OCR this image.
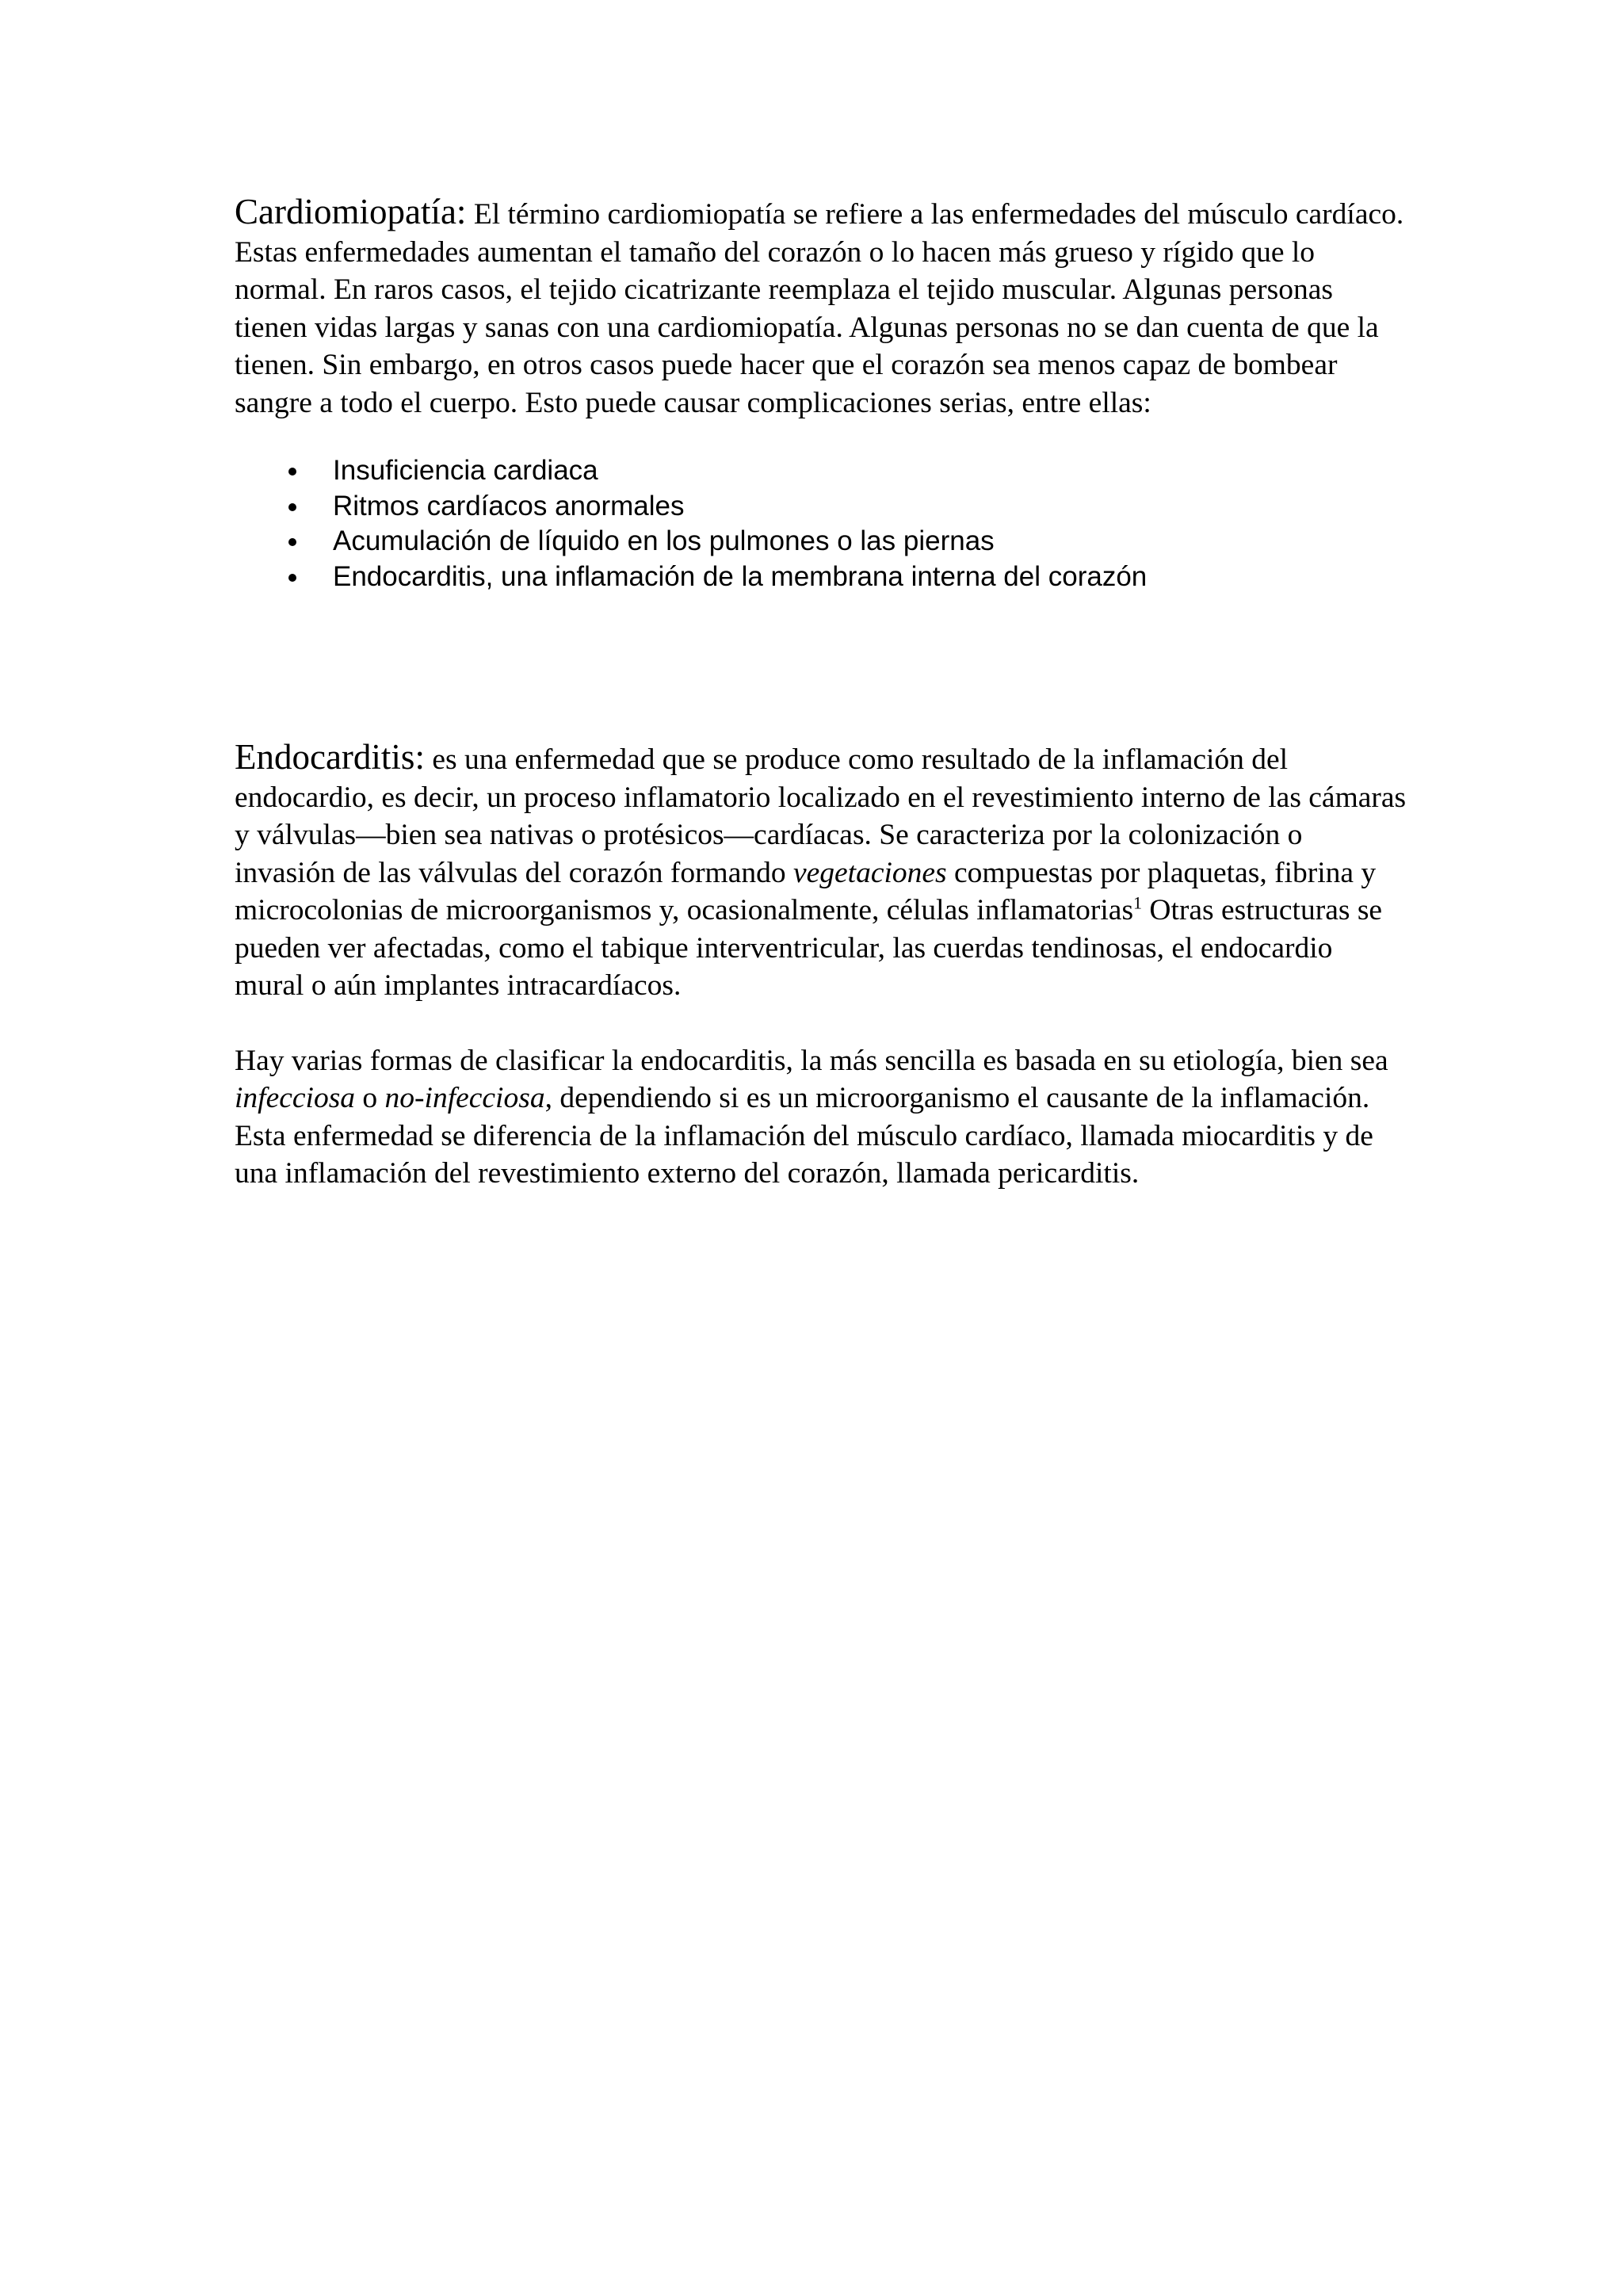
Cardiomiopatía: El término cardiomiopatía se refiere a las enfermedades del músculo cardíaco. Estas enfermedades aumentan el tamaño del corazón o lo hacen más grueso y rígido que lo normal. En raros casos, el tejido cicatrizante reemplaza el tejido muscular. Algunas personas tienen vidas largas y sanas con una cardiomiopatía. Algunas personas no se dan cuenta de que la tienen. Sin embargo, en otros casos puede hacer que el corazón sea menos capaz de bombear sangre a todo el cuerpo. Esto puede causar complicaciones serias, entre ellas:

Insuficiencia cardiaca
Ritmos cardíacos anormales
Acumulación de líquido en los pulmones o las piernas
Endocarditis, una inflamación de la membrana interna del corazón

Endocarditis: es una enfermedad que se produce como resultado de la inflamación del endocardio, es decir, un proceso inflamatorio localizado en el revestimiento interno de las cámaras y válvulas—bien sea nativas o protésicos—cardíacas. Se caracteriza por la colonización o invasión de las válvulas del corazón formando vegetaciones compuestas por plaquetas, fibrina y microcolonias de microorganismos y, ocasionalmente, células inflamatorias$^1$ Otras estructuras se pueden ver afectadas, como el tabique interventricular, las cuerdas tendinosas, el endocardio mural o aún implantes intracardíacos.

Hay varias formas de clasificar la endocarditis, la más sencilla es basada en su etiología, bien sea infecciosa o no-infecciosa, dependiendo si es un microorganismo el causante de la inflamación. Esta enfermedad se diferencia de la inflamación del músculo cardíaco, llamada miocarditis y de una inflamación del revestimiento externo del corazón, llamada pericarditis.
